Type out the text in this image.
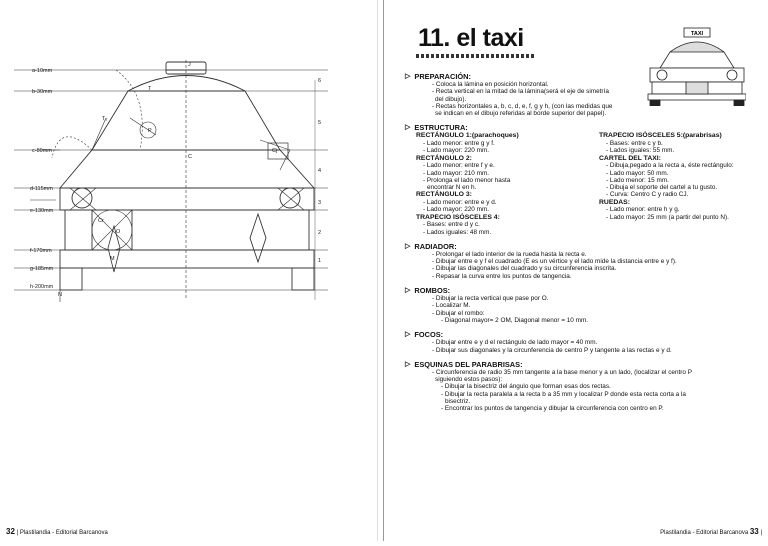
a-10mm
b-30mm
c-80mm
d-115mm
e-130mm
f-170mm
g-185mm
h-200mm
6
5
4
3
2
1
J
T
T₂
P
C
Cj
O
M
N
Cr
32 | Plastilandia - Editorial Barcanova
TAXI
11. el taxi
▷ PREPARACIÓN:
- Coloca la lámina en posición horizontal.
- Recta vertical en la mitad de la lámina(será el eje de simetría
del dibujo).
- Rectas horizontales a, b, c, d, e, f, g y h, (con las medidas que
se indican en el dibujo referidas al borde superior del papel).
▷ ESTRUCTURA:
RECTÁNGULO 1:(parachoques)
- Lado menor: entre g y f.
- Lado mayor: 220 mm.
RECTÁNGULO 2:
- Lado menor: entre f y e.
- Lado mayor: 210 mm.
- Prolonga el lado menor hasta
encontrar N en h.
RECTÁNGULO 3:
- Lado menor: entre e y d.
- Lado mayor: 220 mm.
TRAPECIO ISÓSCELES 4:
- Bases: entre d y c.
- Lados iguales: 48 mm.
TRAPECIO ISÓSCELES 5:(parabrisas)
- Bases: entre c y b.
- Lados iguales: 55 mm.
CARTEL DEL TAXI:
- Dibuja,pegado a la recta a, éste rectángulo:
- Lado mayor: 50 mm.
- Lado menor: 15 mm.
- Dibuja el soporte del cartel a tu gusto.
- Curva: Centro C y radio CJ.
RUEDAS:
- Lado menor: entre h y g.
- Lado mayor: 25 mm (a partir del punto N).
▷ RADIADOR:
- Prolongar el lado interior de la rueda hasta la recta e.
- Dibujar entre e y f el cuadrado (E es un vértice y el lado mide la distancia entre e y f).
- Dibujar las diagonales del cuadrado y su circunferencia inscrita.
- Repasar la curva entre los puntos de tangencia.
▷ ROMBOS:
- Dibujar la recta vertical que pase por O.
- Localizar M.
- Dibujar el rombo:
- Diagonal mayor= 2 OM, Diagonal menor = 10 mm.
▷ FOCOS:
- Dibujar entre e y d el rectángulo de lado mayor = 40 mm.
- Dibujar sus diagonales y la circunferencia de centro P y tangente a las rectas e y d.
▷ ESQUINAS DEL PARABRISAS:
- Circunferencia de radio 35 mm tangente a la base menor y a un lado, (localizar el centro P
siguiendo estos pasos):
- Dibujar la bisectriz del ángulo que forman esas dos rectas.
- Dibujar la recta paralela a la recta b a 35 mm y localizar P donde esta recta corta a la
bisectriz.
- Encontrar los puntos de tangencia y dibujar la circunferencia con centro en P.
Plastilandia - Editorial Barcanova 33 |
